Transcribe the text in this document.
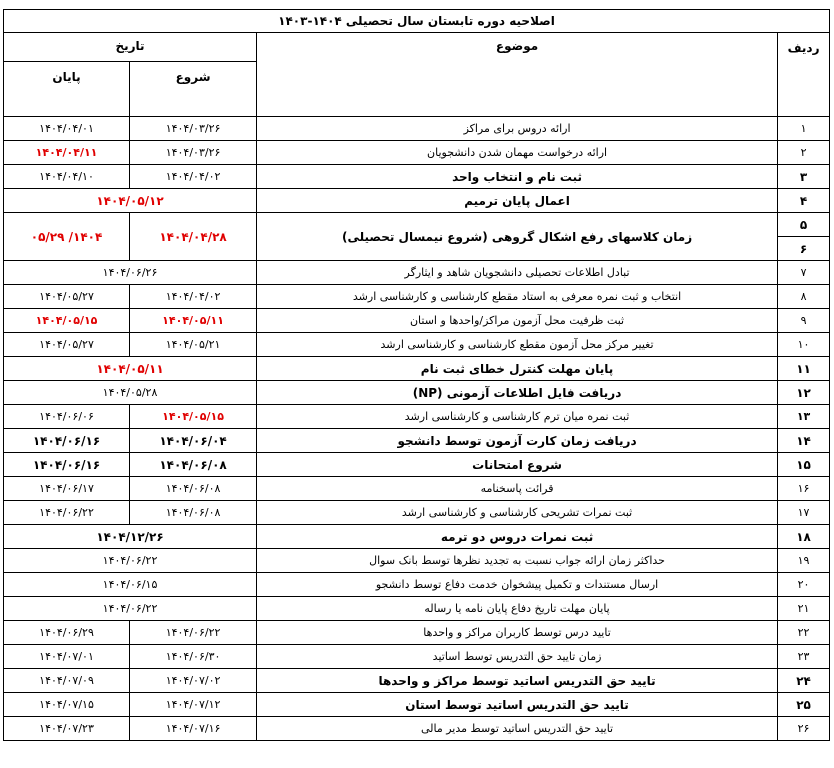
اصلاحیه دوره تابستان سال تحصیلی ۱۴۰۴-۱۴۰۳			
ردیف	موضوع	تاریخ	
		شروع	پایان
۱	ارائه دروس برای مراکز	۱۴۰۴/۰۳/۲۶	۱۴۰۴/۰۴/۰۱
۲	ارائه درخواست مهمان شدن دانشجویان	۱۴۰۴/۰۳/۲۶	۱۴۰۴/۰۴/۱۱
۳	ثبت نام و انتخاب واحد	۱۴۰۴/۰۴/۰۲	۱۴۰۴/۰۴/۱۰
۴	اعمال پایان ترمیم	۱۴۰۴/۰۵/۱۲	
۵	زمان کلاسهای رفع اشکال گروهی (شروع نیمسال تحصیلی)	۱۴۰۴/۰۴/۲۸	۱۴۰۴/ ۰۵/۲۹
۶			
۷	تبادل اطلاعات تحصیلی دانشجویان شاهد و ایثارگر	۱۴۰۴/۰۶/۲۶	
۸	انتخاب و ثبت نمره معرفی به استاد مقطع کارشناسی و کارشناسی ارشد	۱۴۰۴/۰۴/۰۲	۱۴۰۴/۰۵/۲۷
۹	ثبت ظرفیت محل آزمون مراکز/واحدها و استان	۱۴۰۴/۰۵/۱۱	۱۴۰۴/۰۵/۱۵
۱۰	تغییر مرکز محل آزمون مقطع کارشناسی و کارشناسی ارشد	۱۴۰۴/۰۵/۲۱	۱۴۰۴/۰۵/۲۷
۱۱	پایان مهلت کنترل خطای ثبت نام	۱۴۰۴/۰۵/۱۱	
۱۲	دریافت فایل اطلاعات آزمونی (NP)	۱۴۰۴/۰۵/۲۸	
۱۳	ثبت نمره میان ترم کارشناسی و کارشناسی ارشد	۱۴۰۴/۰۵/۱۵	۱۴۰۴/۰۶/۰۶
۱۴	دریافت زمان کارت آزمون توسط دانشجو	۱۴۰۴/۰۶/۰۴	۱۴۰۴/۰۶/۱۶
۱۵	شروع امتحانات	۱۴۰۴/۰۶/۰۸	۱۴۰۴/۰۶/۱۶
۱۶	قرائت پاسخنامه	۱۴۰۴/۰۶/۰۸	۱۴۰۴/۰۶/۱۷
۱۷	ثبت نمرات تشریحی کارشناسی و کارشناسی ارشد	۱۴۰۴/۰۶/۰۸	۱۴۰۴/۰۶/۲۲
۱۸	ثبت نمرات دروس دو ترمه	۱۴۰۴/۱۲/۲۶	
۱۹	حداکثر زمان ارائه جواب نسبت به تجدید نظرها توسط بانک سوال	۱۴۰۴/۰۶/۲۲	
۲۰	ارسال مستندات و تکمیل پیشخوان خدمت دفاع توسط دانشجو	۱۴۰۴/۰۶/۱۵	
۲۱	پایان مهلت تاریخ دفاع پایان نامه یا رساله	۱۴۰۴/۰۶/۲۲	
۲۲	تایید درس توسط کاربران مراکز و واحدها	۱۴۰۴/۰۶/۲۲	۱۴۰۴/۰۶/۲۹
۲۳	زمان تایید حق التدریس توسط اساتید	۱۴۰۴/۰۶/۳۰	۱۴۰۴/۰۷/۰۱
۲۴	تایید حق التدریس اساتید توسط مراکز و واحدها	۱۴۰۴/۰۷/۰۲	۱۴۰۴/۰۷/۰۹
۲۵	تایید حق التدریس اساتید توسط استان	۱۴۰۴/۰۷/۱۲	۱۴۰۴/۰۷/۱۵
۲۶	تایید حق التدریس اساتید توسط مدیر مالی	۱۴۰۴/۰۷/۱۶	۱۴۰۴/۰۷/۲۳
